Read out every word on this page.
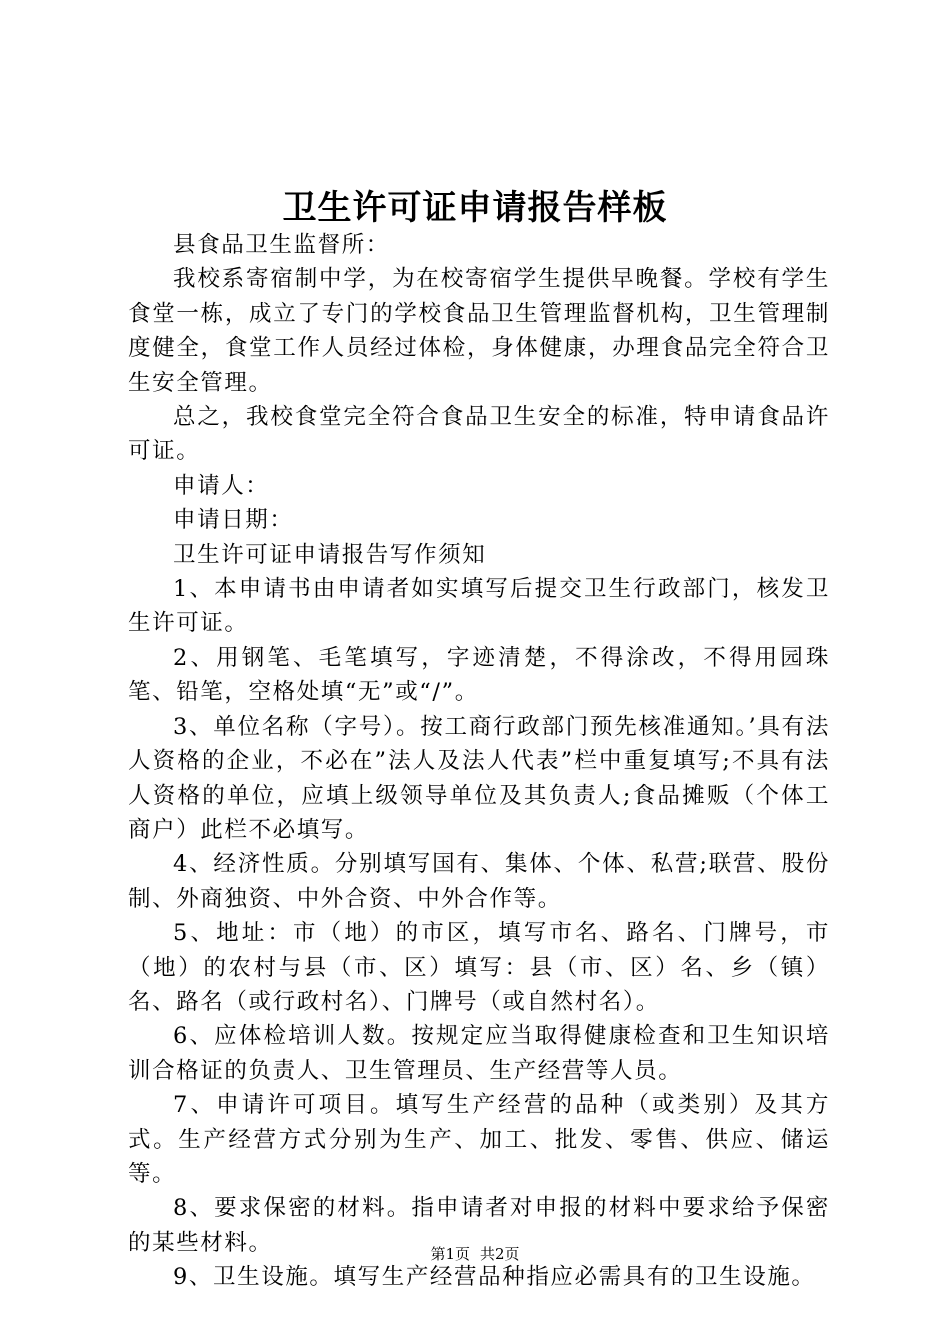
卫生许可证申请报告样板

县食品卫生监督所：

我校系寄宿制中学，为在校寄宿学生提供早晚餐。学校有学生食堂一栋，成立了专门的学校食品卫生管理监督机构，卫生管理制度健全，食堂工作人员经过体检，身体健康，办理食品完全符合卫生安全管理。

总之，我校食堂完全符合食品卫生安全的标准，特申请食品许可证。

申请人：

申请日期：

卫生许可证申请报告写作须知

1、本申请书由申请者如实填写后提交卫生行政部门，核发卫生许可证。

2、用钢笔、毛笔填写，字迹清楚，不得涂改，不得用园珠笔、铅笔，空格处填“无”或“/”。

3、单位名称（字号）。按工商行政部门预先核准通知。’具有法人资格的企业，不必在”法人及法人代表”栏中重复填写;不具有法人资格的单位，应填上级领导单位及其负责人;食品摊贩（个体工商户）此栏不必填写。

4、经济性质。分别填写国有、集体、个体、私营;联营、股份制、外商独资、中外合资、中外合作等。

5、地址：市（地）的市区，填写市名、路名、门牌号，市（地）的农村与县（市、区）填写：县（市、区）名、乡（镇）名、路名（或行政村名）、门牌号（或自然村名）。

6、应体检培训人数。按规定应当取得健康检查和卫生知识培训合格证的负责人、卫生管理员、生产经营等人员。

7、申请许可项目。填写生产经营的品种（或类别）及其方式。生产经营方式分别为生产、加工、批发、零售、供应、储运等。

8、要求保密的材料。指申请者对申报的材料中要求给予保密的某些材料。

9、卫生设施。填写生产经营品种指应必需具有的卫生设施。

第1页 共2页
